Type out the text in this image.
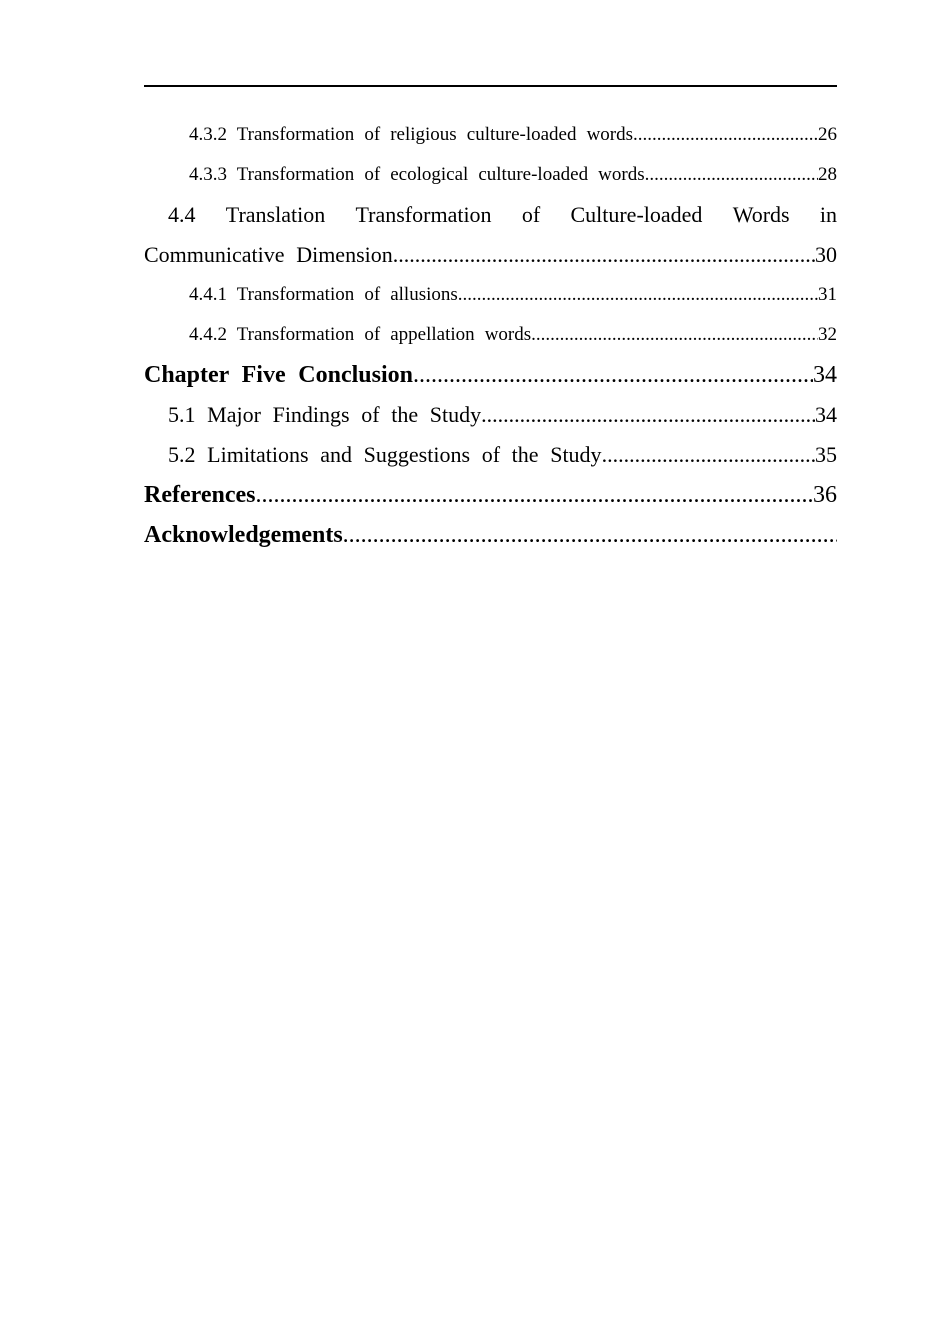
4.3.2 Transformation of religious culture-loaded words .....	26
4.3.3 Transformation of ecological culture-loaded words .....	28
4.4 Translation Transformation of Culture-loaded Words in
Communicative Dimension .....	30
4.4.1 Transformation of allusions .....	31
4.4.2 Transformation of appellation words .....	32
Chapter Five Conclusion .....	34
5.1 Major Findings of the Study .....	34
5.2 Limitations and Suggestions of the Study .....	35
References .....	36
Acknowledgements
.....
